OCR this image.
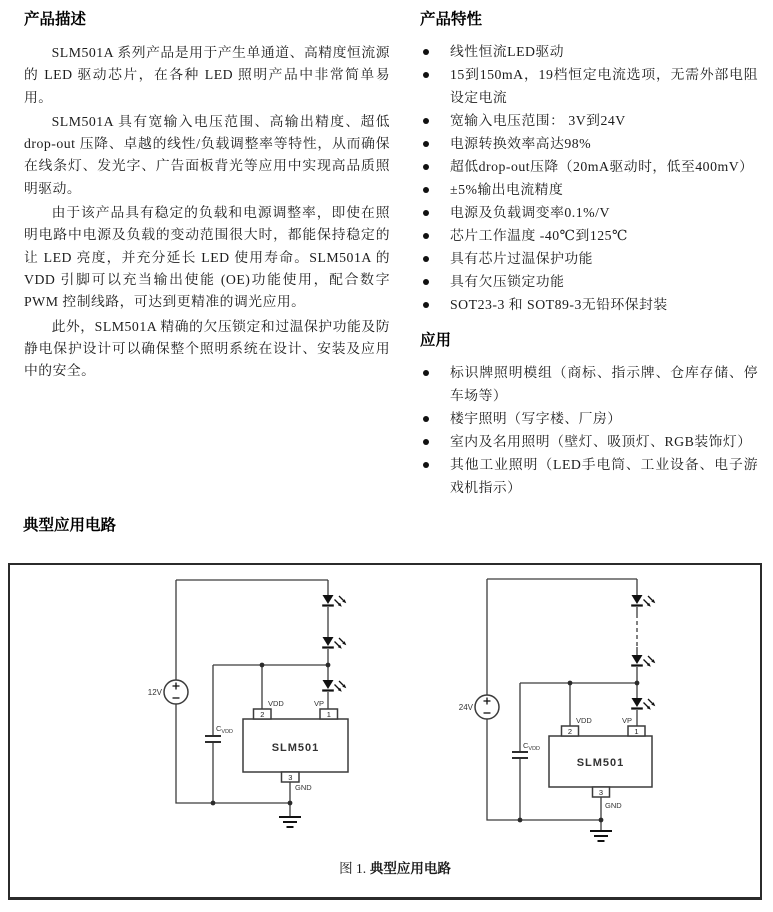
产品描述

SLM501A 系列产品是用于产生单通道、高精度恒流源的 LED 驱动芯片，在各种 LED 照明产品中非常简单易用。

SLM501A 具有宽输入电压范围、高输出精度、超低 drop-out 压降、卓越的线性/负载调整率等特性，从而确保在线条灯、发光字、广告面板背光等应用中实现高品质照明驱动。

由于该产品具有稳定的负载和电源调整率，即使在照明电路中电源及负载的变动范围很大时，都能保持稳定的让 LED 亮度，并充分延长 LED 使用寿命。SLM501A 的 VDD 引脚可以充当输出使能 (OE)功能使用，配合数字 PWM 控制线路，可达到更精准的调光应用。

此外，SLM501A 精确的欠压锁定和过温保护功能及防静电保护设计可以确保整个照明系统在设计、安装及应用中的安全。

产品特性
线性恒流LED驱动
15到150mA，19档恒定电流选项，无需外部电阻设定电流
宽输入电压范围： 3V到24V
电源转换效率高达98%
超低drop-out压降（20mA驱动时，低至400mV）
±5%输出电流精度
电源及负载调变率0.1%/V
芯片工作温度 -40℃到125℃
具有芯片过温保护功能
具有欠压锁定功能
SOT23-3 和 SOT89-3无铅环保封装
应用
标识牌照明模组（商标、指示牌、仓库存储、停车场等）
楼宇照明（写字楼、厂房）
室内及名用照明（壁灯、吸顶灯、RGB装饰灯）
其他工业照明（LED手电筒、工业设备、电子游戏机指示）
典型应用电路
12V
$C_{VDD}$
2	1
3
VDD	VP
GND
SLM501
24V
$C_{VDD}$
2	1
3
VDD	VP
GND
SLM501
图 1. 典型应用电路
